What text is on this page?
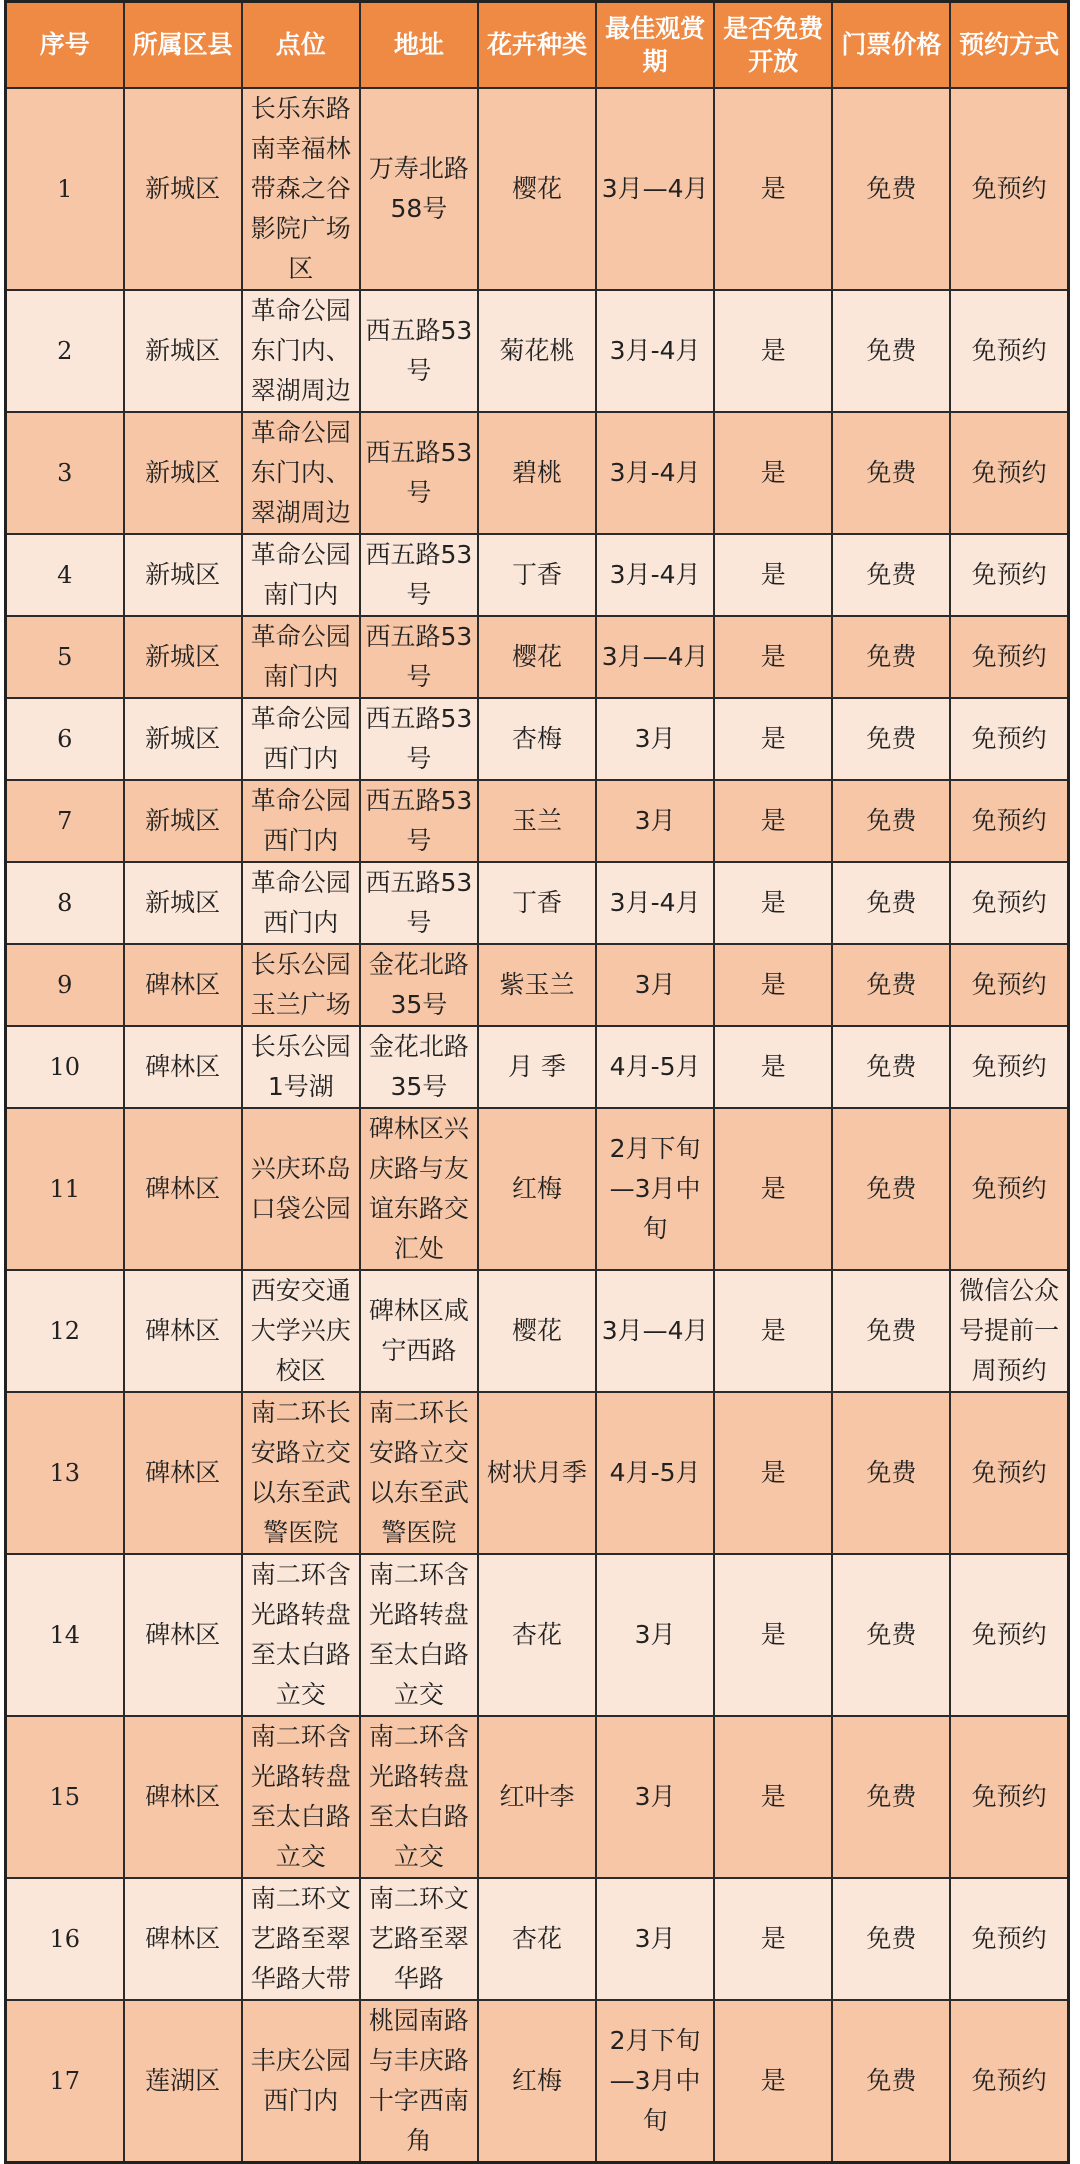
序号	所属区县	点位	地址	花卉种类	最佳观赏期	是否免费开放	门票价格	预约方式
1	新城区	长乐东路南幸福林带森之谷影院广场区	万寿北路58号	樱花	3月—4月	是	免费	免预约
2	新城区	革命公园东门内、翠湖周边	西五路53号	菊花桃	3月-4月	是	免费	免预约
3	新城区	革命公园东门内、翠湖周边	西五路53号	碧桃	3月-4月	是	免费	免预约
4	新城区	革命公园南门内	西五路53号	丁香	3月-4月	是	免费	免预约
5	新城区	革命公园南门内	西五路53号	樱花	3月—4月	是	免费	免预约
6	新城区	革命公园西门内	西五路53号	杏梅	3月	是	免费	免预约
7	新城区	革命公园西门内	西五路53号	玉兰	3月	是	免费	免预约
8	新城区	革命公园西门内	西五路53号	丁香	3月-4月	是	免费	免预约
9	碑林区	长乐公园玉兰广场	金花北路35号	紫玉兰	3月	是	免费	免预约
10	碑林区	长乐公园1号湖	金花北路35号	月 季	4月-5月	是	免费	免预约
11	碑林区	兴庆环岛口袋公园	碑林区兴庆路与友谊东路交汇处	红梅	2月下旬—3月中旬	是	免费	免预约
12	碑林区	西安交通大学兴庆校区	碑林区咸宁西路	樱花	3月—4月	是	免费	微信公众号提前一周预约
13	碑林区	南二环长安路立交以东至武警医院	南二环长安路立交以东至武警医院	树状月季	4月-5月	是	免费	免预约
14	碑林区	南二环含光路转盘至太白路立交	南二环含光路转盘至太白路立交	杏花	3月	是	免费	免预约
15	碑林区	南二环含光路转盘至太白路立交	南二环含光路转盘至太白路立交	红叶李	3月	是	免费	免预约
16	碑林区	南二环文艺路至翠华路大带	南二环文艺路至翠华路	杏花	3月	是	免费	免预约
17	莲湖区	丰庆公园西门内	桃园南路与丰庆路十字西南角	红梅	2月下旬—3月中旬	是	免费	免预约
